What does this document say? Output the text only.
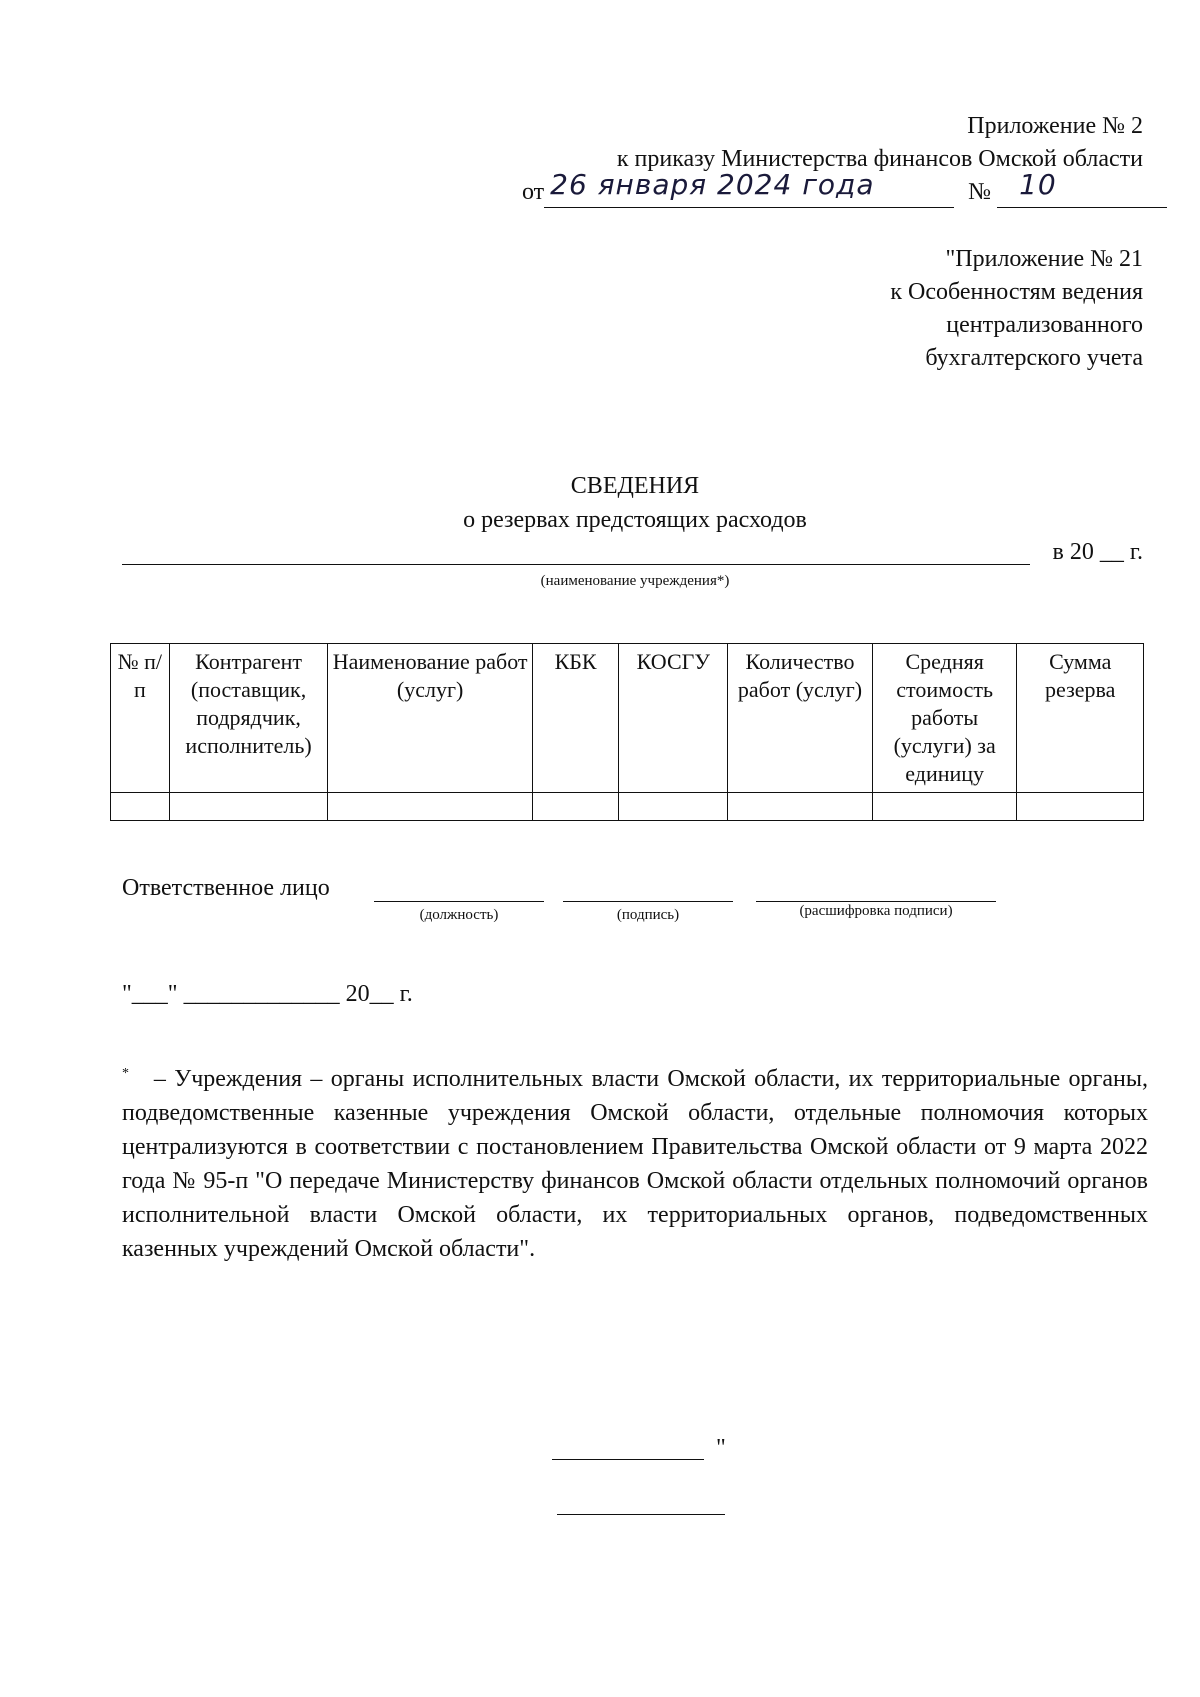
Приложение № 2
к приказу Министерства финансов Омской области
от 26 января 2024 года	№ 10
"Приложение № 21
к Особенностям ведения
централизованного
бухгалтерского учета
СВЕДЕНИЯ
о резервах предстоящих расходов
в 20 __ г.
(наименование учреждения*)
№ п/п	Контрагент (поставщик, подрядчик, исполнитель)	Наименование работ (услуг)	КБК	КОСГУ	Количество работ (услуг)	Средняя стоимость работы (услуги) за единицу	Сумма резерва

Ответственное лицо
(должность)	(подпись)	(расшифровка подписи)
"___" _____________ 20__ г.

* – Учреждения – органы исполнительных власти Омской области, их территориальные органы, подведомственные казенные учреждения Омской области, отдельные полномочия которых централизуются в соответствии с постановлением Правительства Омской области от 9 марта 2022 года № 95-п "О передаче Министерству финансов Омской области отдельных полномочий органов исполнительной власти Омской области, их территориальных органов, подведомственных казенных учреждений Омской области".

"
